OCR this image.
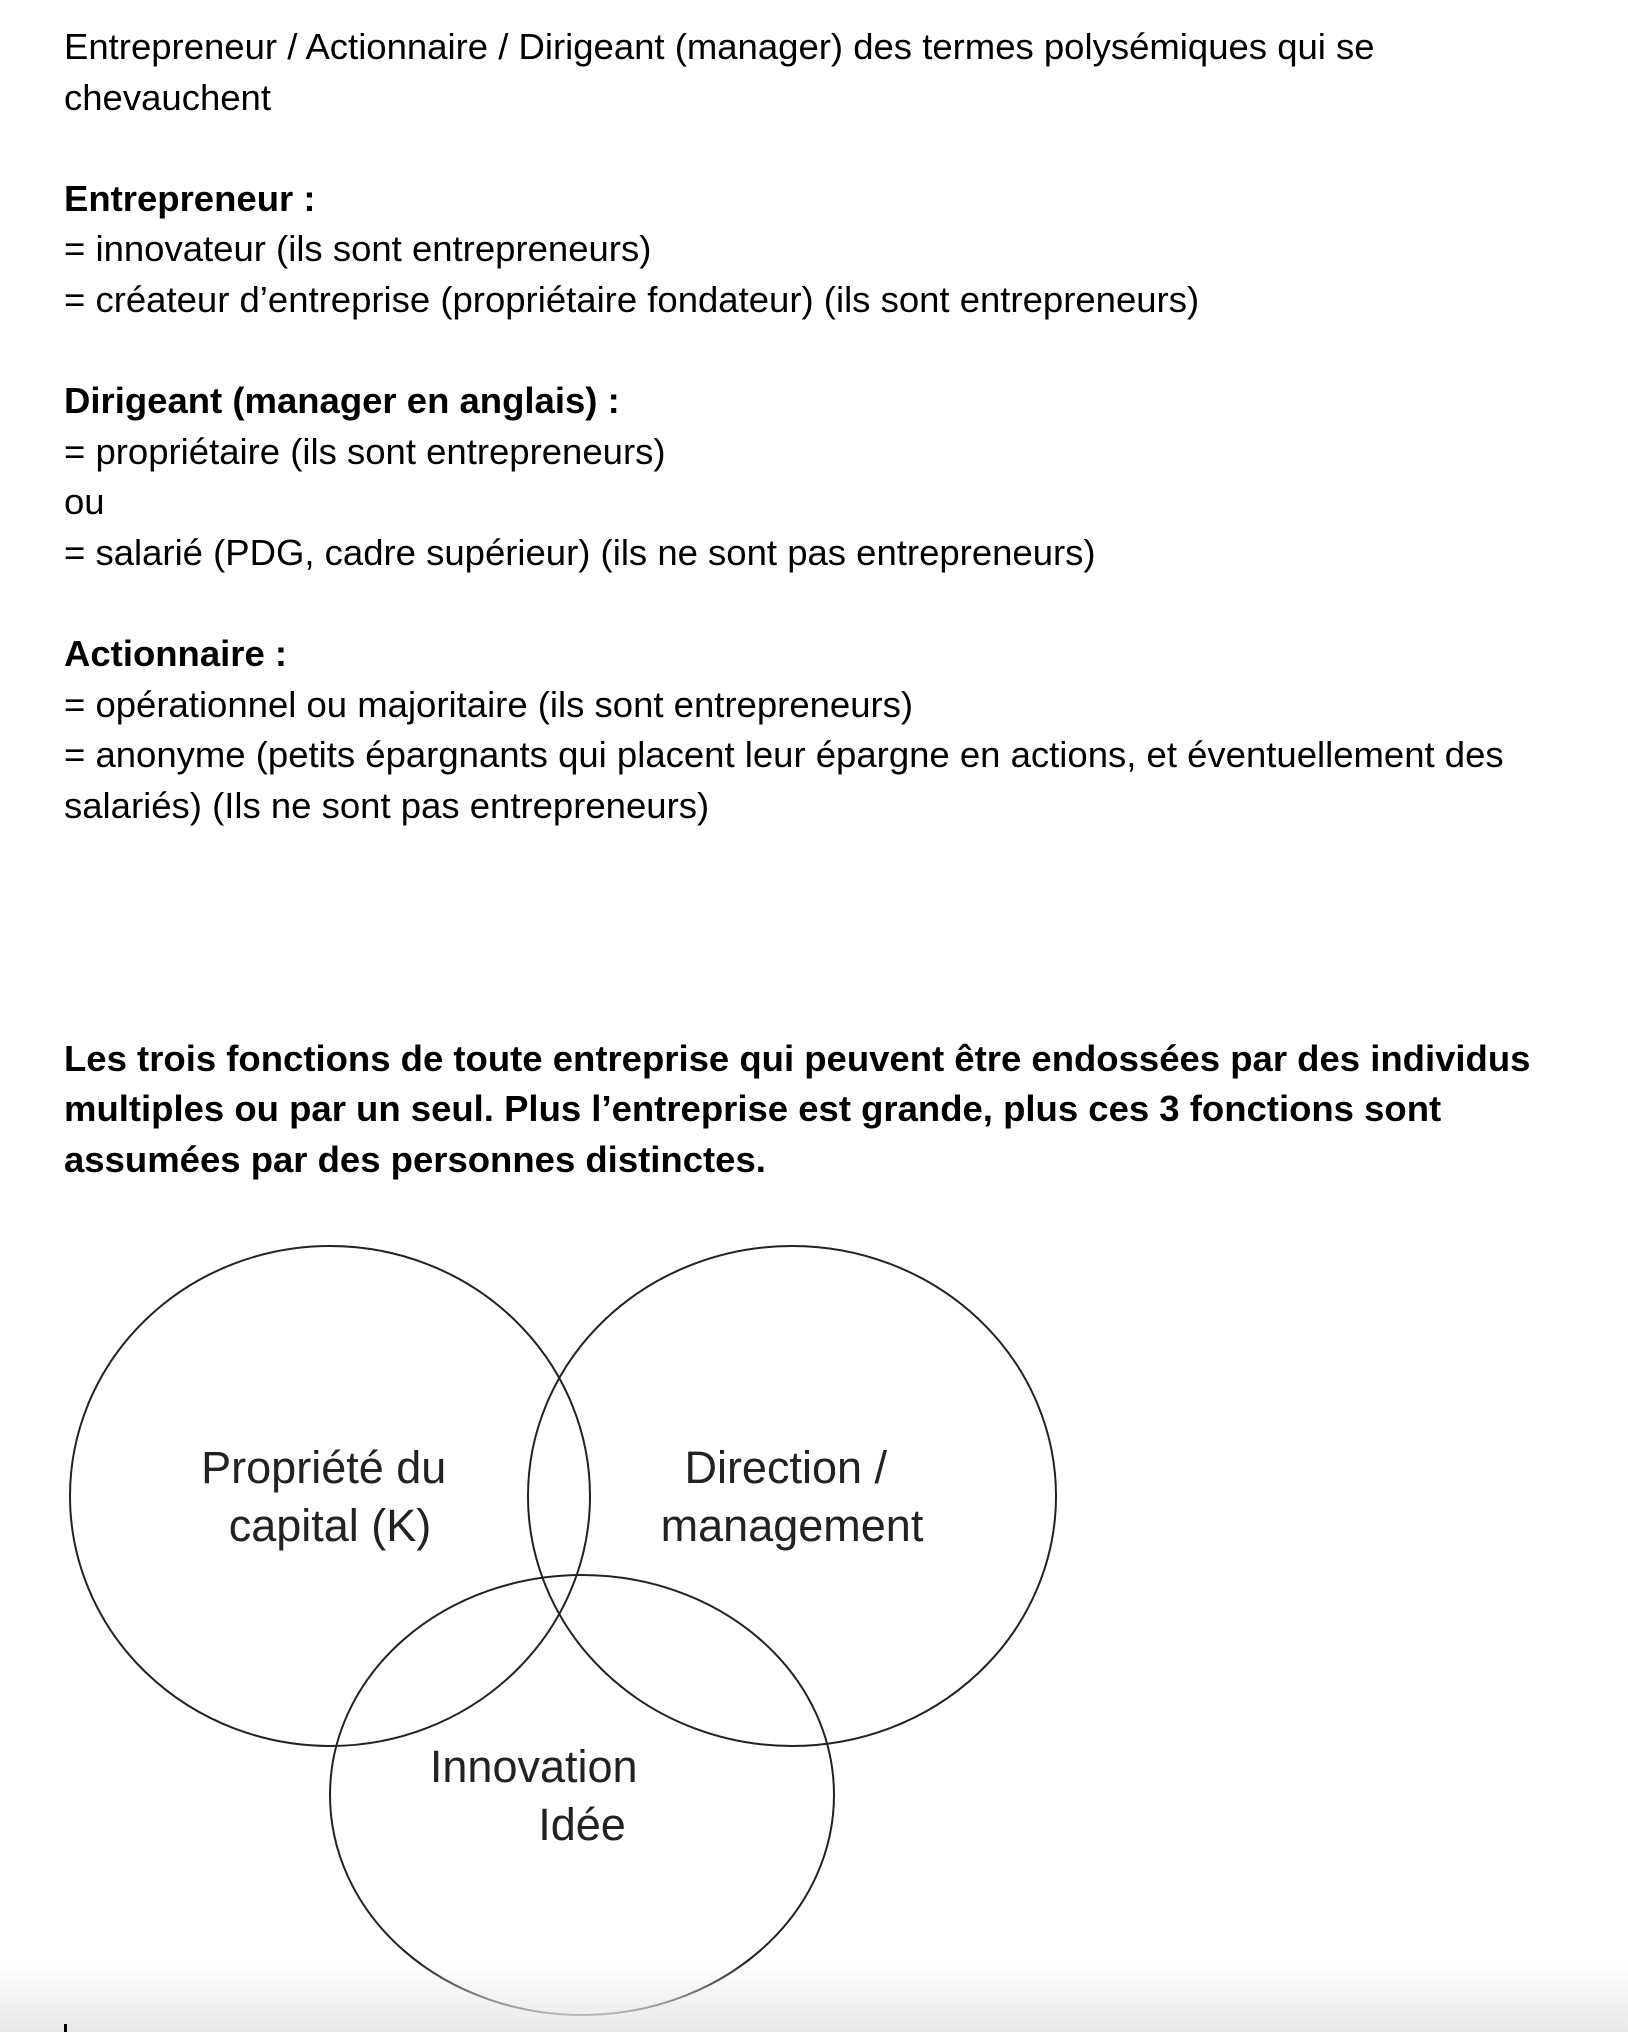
Entrepreneur / Actionnaire / Dirigeant (manager) des termes polysémiques qui se
chevauchent
Entrepreneur :
= innovateur (ils sont entrepreneurs)
= créateur d’entreprise (propriétaire fondateur) (ils sont entrepreneurs)
Dirigeant (manager en anglais) :
= propriétaire (ils sont entrepreneurs)
ou
= salarié (PDG, cadre supérieur) (ils ne sont pas entrepreneurs)
Actionnaire :
= opérationnel ou majoritaire (ils sont entrepreneurs)
= anonyme (petits épargnants qui placent leur épargne en actions, et éventuellement des
salariés) (Ils ne sont pas entrepreneurs)
Les trois fonctions de toute entreprise qui peuvent être endossées par des individus
multiples ou par un seul. Plus l’entreprise est grande, plus ces 3 fonctions sont
assumées par des personnes distinctes.
Propriété du capital (K)
Direction / management
Innovation Idée
